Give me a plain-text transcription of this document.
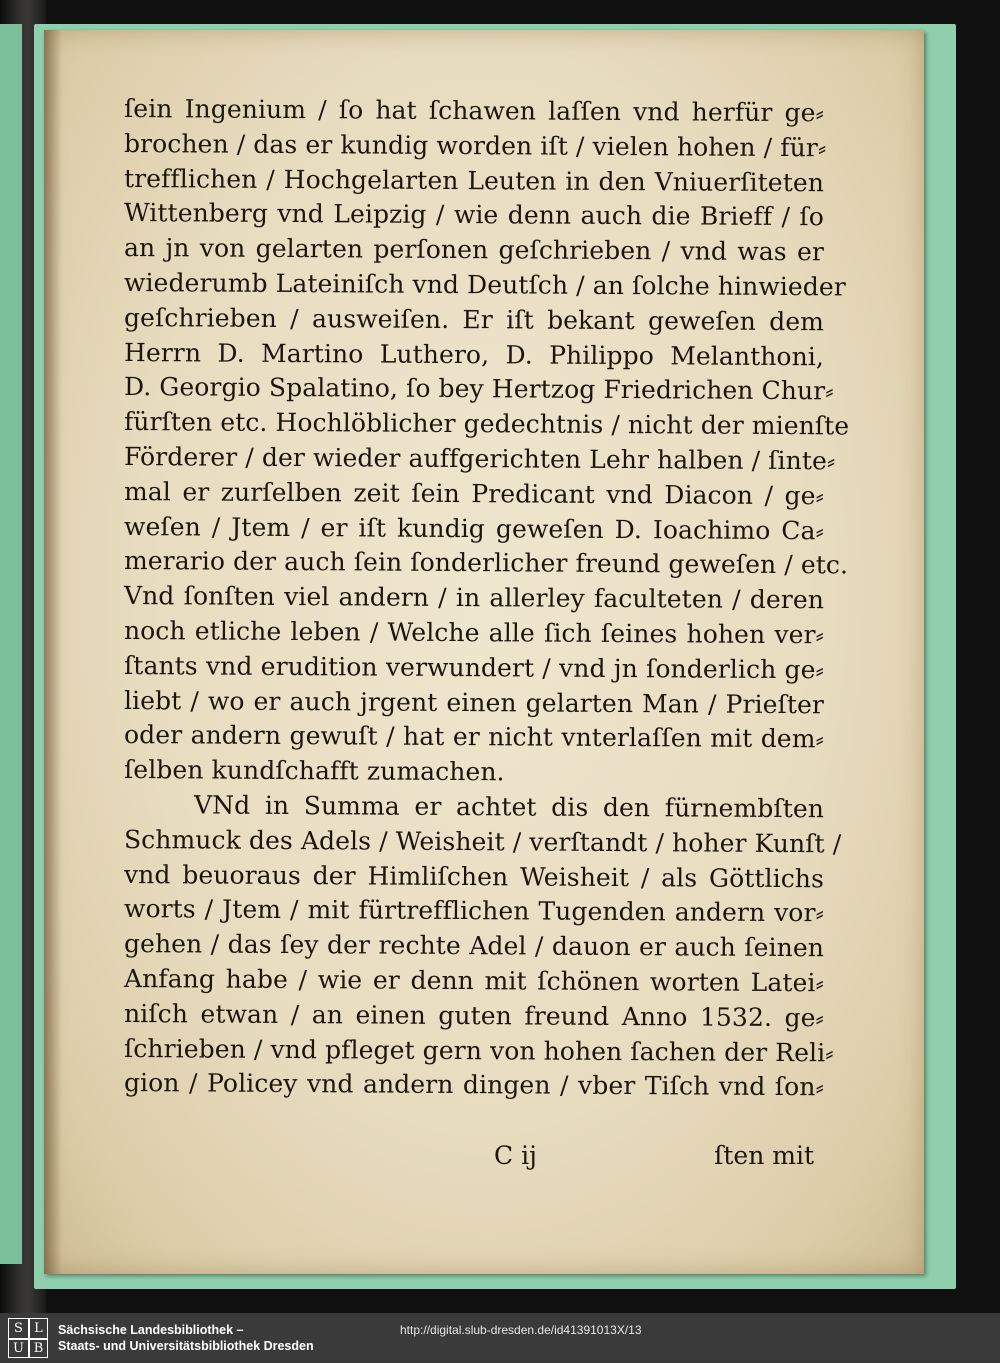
ſein Ingenium / ſo hat ſchawen laſſen vnd herfür ge⸗
brochen / das er kundig worden iſt / vielen hohen / für⸗
trefflichen / Hochgelarten Leuten in den Vniuerſiteten
Wittenberg vnd Leipzig / wie denn auch die Brieff / ſo
an jn von gelarten perſonen geſchrieben / vnd was er
wiederumb Lateiniſch vnd Deutſch / an ſolche hinwieder
geſchrieben / ausweiſen. Er iſt bekant geweſen dem
Herrn D. Martino Luthero, D. Philippo Melanthoni,
D. Georgio Spalatino, ſo bey Hertzog Friedrichen Chur⸗
fürſten etc. Hochlöblicher gedechtnis / nicht der mienſte
Förderer / der wieder auffgerichten Lehr halben / ſinte⸗
mal er zurſelben zeit ſein Predicant vnd Diacon / ge⸗
weſen / Jtem / er iſt kundig geweſen D. Ioachimo Ca⸗
merario der auch ſein ſonderlicher freund geweſen / etc.
Vnd ſonſten viel andern / in allerley faculteten / deren
noch etliche leben / Welche alle ſich ſeines hohen ver⸗
ſtants vnd erudition verwundert / vnd jn ſonderlich ge⸗
liebt / wo er auch jrgent einen gelarten Man / Prieſter
oder andern gewuſt / hat er nicht vnterlaſſen mit dem⸗
ſelben kundſchafft zumachen.
VNd in Summa er achtet dis den fürnembſten
Schmuck des Adels / Weisheit / verſtandt / hoher Kunſt /
vnd beuoraus der Himliſchen Weisheit / als Göttlichs
worts / Jtem / mit fürtrefflichen Tugenden andern vor⸗
gehen / das ſey der rechte Adel / dauon er auch ſeinen
Anfang habe / wie er denn mit ſchönen worten Latei⸗
niſch etwan / an einen guten freund Anno 1532. ge⸗
ſchrieben / vnd pfleget gern von hohen ſachen der Reli⸗
gion / Policey vnd andern dingen / vber Tiſch vnd ſon⸗
C ij	ſten mit
S L
U B
Sächsische Landesbibliothek –
Staats- und Universitätsbibliothek Dresden
http://digital.slub-dresden.de/id41391013X/13
